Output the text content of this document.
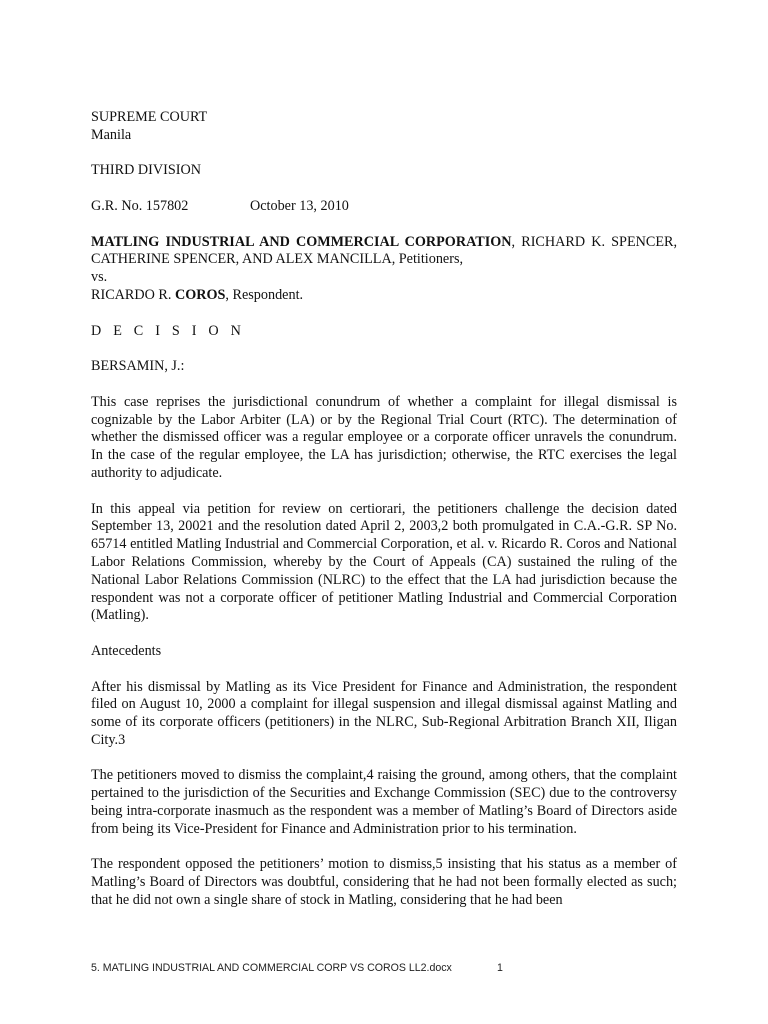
SUPREME COURT
Manila
THIRD DIVISION
G.R. No. 157802	October 13, 2010
MATLING INDUSTRIAL AND COMMERCIAL CORPORATION, RICHARD K. SPENCER, CATHERINE SPENCER, AND ALEX MANCILLA, Petitioners,
vs.
RICARDO R. COROS, Respondent.
D E C I S I O N
BERSAMIN, J.:
This case reprises the jurisdictional conundrum of whether a complaint for illegal dismissal is cognizable by the Labor Arbiter (LA) or by the Regional Trial Court (RTC). The determination of whether the dismissed officer was a regular employee or a corporate officer unravels the conundrum. In the case of the regular employee, the LA has jurisdiction; otherwise, the RTC exercises the legal authority to adjudicate.
In this appeal via petition for review on certiorari, the petitioners challenge the decision dated September 13, 20021 and the resolution dated April 2, 2003,2 both promulgated in C.A.-G.R. SP No. 65714 entitled Matling Industrial and Commercial Corporation, et al. v. Ricardo R. Coros and National Labor Relations Commission, whereby by the Court of Appeals (CA) sustained the ruling of the National Labor Relations Commission (NLRC) to the effect that the LA had jurisdiction because the respondent was not a corporate officer of petitioner Matling Industrial and Commercial Corporation (Matling).
Antecedents
After his dismissal by Matling as its Vice President for Finance and Administration, the respondent filed on August 10, 2000 a complaint for illegal suspension and illegal dismissal against Matling and some of its corporate officers (petitioners) in the NLRC, Sub-Regional Arbitration Branch XII, Iligan City.3
The petitioners moved to dismiss the complaint,4 raising the ground, among others, that the complaint pertained to the jurisdiction of the Securities and Exchange Commission (SEC) due to the controversy being intra-corporate inasmuch as the respondent was a member of Matling’s Board of Directors aside from being its Vice-President for Finance and Administration prior to his termination.
The respondent opposed the petitioners’ motion to dismiss,5 insisting that his status as a member of Matling’s Board of Directors was doubtful, considering that he had not been formally elected as such; that he did not own a single share of stock in Matling, considering that he had been
5. MATLING INDUSTRIAL AND COMMERCIAL CORP VS COROS LL2.docx	1
